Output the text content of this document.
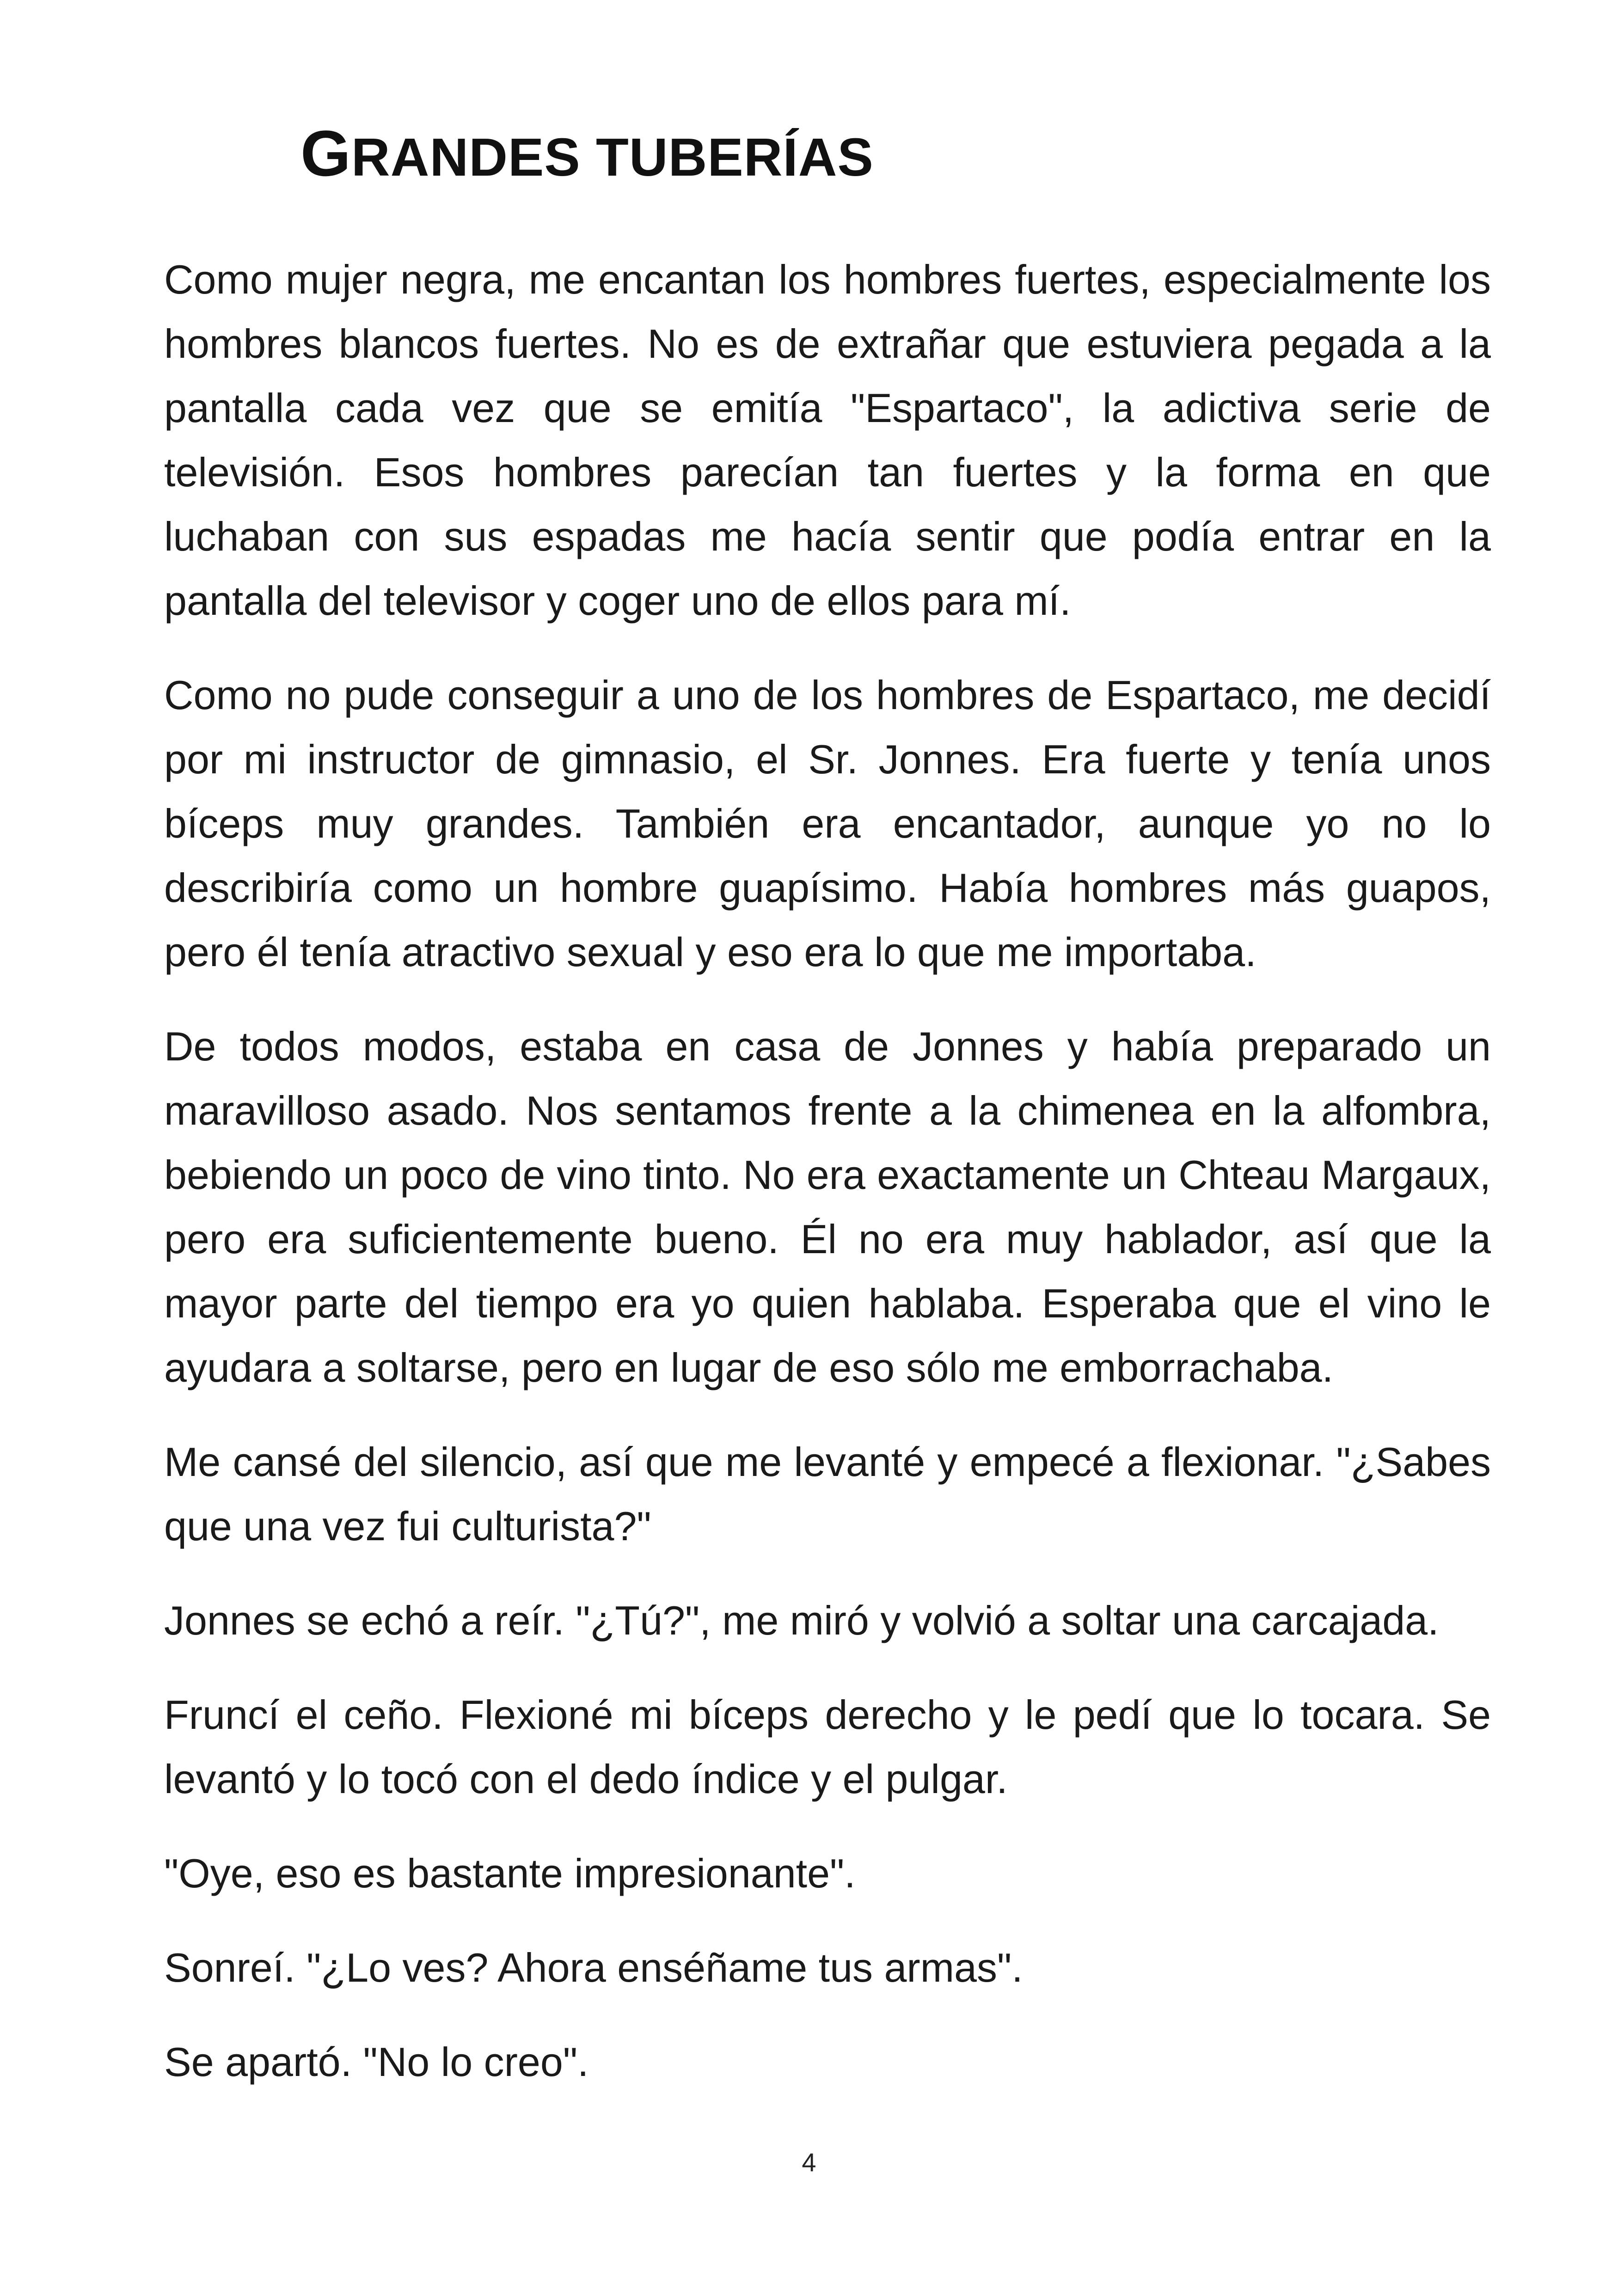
GRANDES TUBERÍAS

Como mujer negra, me encantan los hombres fuertes, especialmente los hombres blancos fuertes. No es de extrañar que estuviera pegada a la pantalla cada vez que se emitía "Espartaco", la adictiva serie de televisión. Esos hombres parecían tan fuertes y la forma en que luchaban con sus espadas me hacía sentir que podía entrar en la pantalla del televisor y coger uno de ellos para mí.

Como no pude conseguir a uno de los hombres de Espartaco, me decidí por mi instructor de gimnasio, el Sr. Jonnes. Era fuerte y tenía unos bíceps muy grandes. También era encantador, aunque yo no lo describiría como un hombre guapísimo. Había hombres más guapos, pero él tenía atractivo sexual y eso era lo que me importaba.

De todos modos, estaba en casa de Jonnes y había preparado un maravilloso asado. Nos sentamos frente a la chimenea en la alfombra, bebiendo un poco de vino tinto. No era exactamente un Chteau Margaux, pero era suficientemente bueno. Él no era muy hablador, así que la mayor parte del tiempo era yo quien hablaba. Esperaba que el vino le ayudara a soltarse, pero en lugar de eso sólo me emborrachaba.

Me cansé del silencio, así que me levanté y empecé a flexionar. "¿Sabes que una vez fui culturista?"

Jonnes se echó a reír. "¿Tú?", me miró y volvió a soltar una carcajada.

Fruncí el ceño. Flexioné mi bíceps derecho y le pedí que lo tocara. Se levantó y lo tocó con el dedo índice y el pulgar.

"Oye, eso es bastante impresionante".

Sonreí. "¿Lo ves? Ahora enséñame tus armas".

Se apartó. "No lo creo".

4
